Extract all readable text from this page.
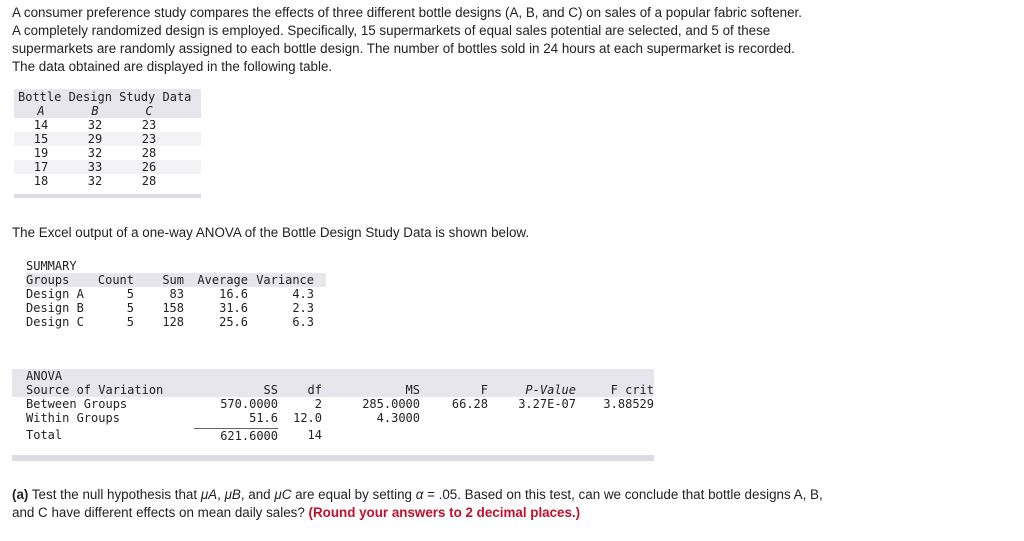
A consumer preference study compares the effects of three different bottle designs (A, B, and C) on sales of a popular fabric softener.

A completely randomized design is employed. Specifically, 15 supermarkets of equal sales potential are selected, and 5 of these

supermarkets are randomly assigned to each bottle design. The number of bottles sold in 24 hours at each supermarket is recorded.

The data obtained are displayed in the following table.

Bottle Design Study Data
A	B	C
14	32	23
15	29	23
19	32	28
17	33	26
18	32	28
The Excel output of a one-way ANOVA of the Bottle Design Study Data is shown below.
SUMMARY
Groups	Count	Sum	Average Variance
Design A	5	83	16.6	4.3
Design B	5	158	31.6	2.3
Design C	5	128	25.6	6.3
ANOVA
Source of Variation	SS	df	MS	F	P-Value	F crit
Between Groups	570.0000	2	285.0000	66.28	3.27E-07	3.88529
Within Groups	51.6	12.0	4.3000
Total	621.6000	14
(a) Test the null hypothesis that μA, μB, and μC are equal by setting α = .05. Based on this test, can we conclude that bottle designs A, B,
and C have different effects on mean daily sales? (Round your answers to 2 decimal places.)
